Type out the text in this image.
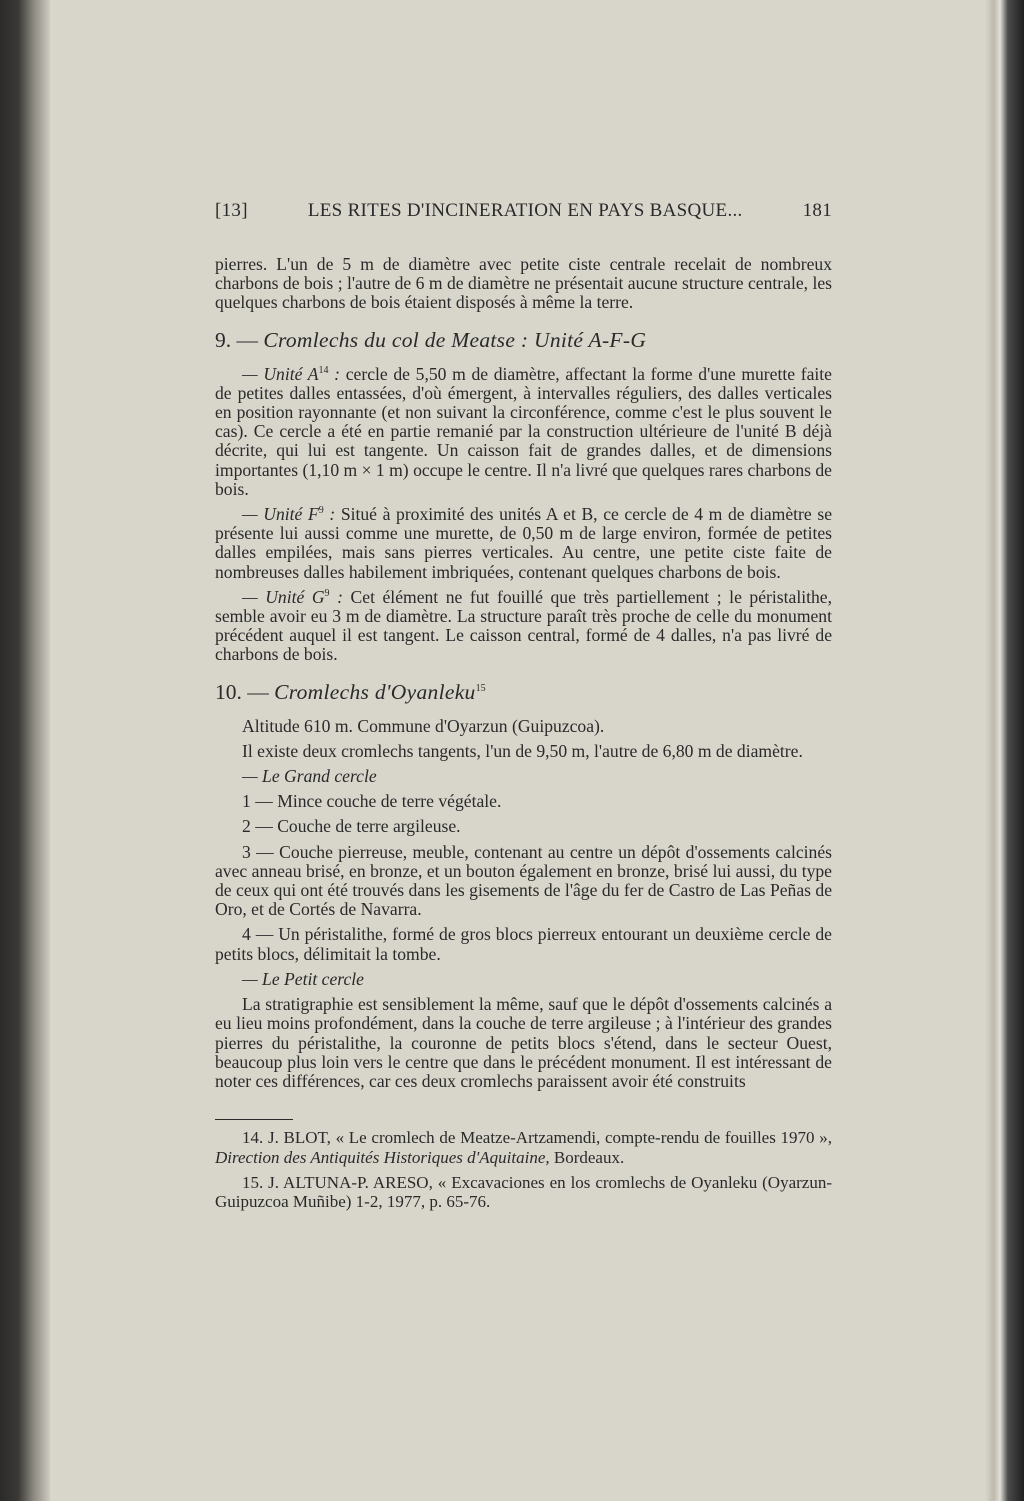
[13]	LES RITES D'INCINERATION EN PAYS BASQUE...	181

pierres. L'un de 5 m de diamètre avec petite ciste centrale recelait de nombreux charbons de bois ; l'autre de 6 m de diamètre ne présentait aucune structure centrale, les quelques charbons de bois étaient disposés à même la terre.

9. — Cromlechs du col de Meatse : Unité A-F-G

— Unité $A^{14}$ : cercle de 5,50 m de diamètre, affectant la forme d'une murette faite de petites dalles entassées, d'où émergent, à intervalles réguliers, des dalles verticales en position rayonnante (et non suivant la circonférence, comme c'est le plus souvent le cas). Ce cercle a été en partie remanié par la construction ultérieure de l'unité B déjà décrite, qui lui est tangente. Un caisson fait de grandes dalles, et de dimensions importantes (1,10 m × 1 m) occupe le centre. Il n'a livré que quelques rares charbons de bois.

— Unité $F^9$ : Situé à proximité des unités A et B, ce cercle de 4 m de diamètre se présente lui aussi comme une murette, de 0,50 m de large environ, formée de petites dalles empilées, mais sans pierres verticales. Au centre, une petite ciste faite de nombreuses dalles habilement imbriquées, contenant quelques charbons de bois.

— Unité $G^9$ : Cet élément ne fut fouillé que très partiellement ; le péristalithe, semble avoir eu 3 m de diamètre. La structure paraît très proche de celle du monument précédent auquel il est tangent. Le caisson central, formé de 4 dalles, n'a pas livré de charbons de bois.

10. — Cromlechs d'Oyanleku$^{15}$

Altitude 610 m. Commune d'Oyarzun (Guipuzcoa).

Il existe deux cromlechs tangents, l'un de 9,50 m, l'autre de 6,80 m de diamètre.

— Le Grand cercle

1 — Mince couche de terre végétale.

2 — Couche de terre argileuse.

3 — Couche pierreuse, meuble, contenant au centre un dépôt d'ossements calcinés avec anneau brisé, en bronze, et un bouton également en bronze, brisé lui aussi, du type de ceux qui ont été trouvés dans les gisements de l'âge du fer de Castro de Las Peñas de Oro, et de Cortés de Navarra.

4 — Un péristalithe, formé de gros blocs pierreux entourant un deuxième cercle de petits blocs, délimitait la tombe.

— Le Petit cercle

La stratigraphie est sensiblement la même, sauf que le dépôt d'ossements calcinés a eu lieu moins profondément, dans la couche de terre argileuse ; à l'intérieur des grandes pierres du péristalithe, la couronne de petits blocs s'étend, dans le secteur Ouest, beaucoup plus loin vers le centre que dans le précédent monument. Il est intéressant de noter ces différences, car ces deux cromlechs paraissent avoir été construits

14. J. BLOT, « Le cromlech de Meatze-Artzamendi, compte-rendu de fouilles 1970 », Direction des Antiquités Historiques d'Aquitaine, Bordeaux.

15. J. ALTUNA-P. ARESO, « Excavaciones en los cromlechs de Oyanleku (Oyarzun-Guipuzcoa Muñibe) 1-2, 1977, p. 65-76.
